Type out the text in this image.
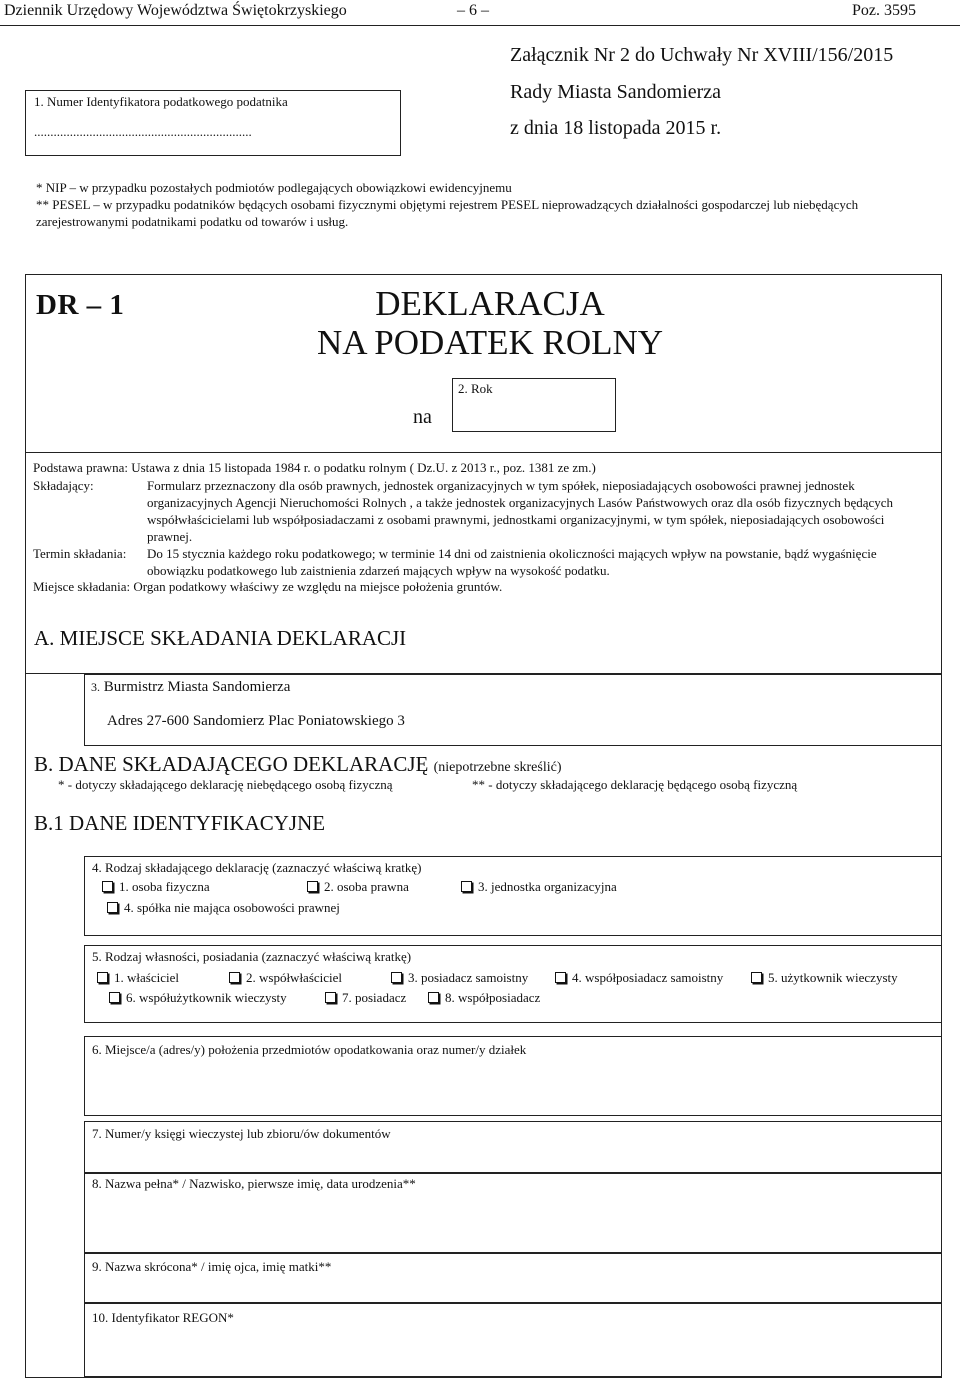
Dziennik Urzędowy Województwa Świętokrzyskiego	– 6 –	Poz. 3595
1. Numer Identyfikatora podatkowego podatnika
...................................................................
Załącznik Nr 2 do Uchwały Nr XVIII/156/2015
Rady Miasta Sandomierza
z dnia 18 listopada 2015 r.
* NIP – w przypadku pozostałych podmiotów podlegających obowiązkowi ewidencyjnemu
** PESEL – w przypadku podatników będących osobami fizycznymi objętymi rejestrem PESEL nieprowadzących działalności gospodarczej lub niebędących zarejestrowanymi podatnikami podatku od towarów i usług.
DR – 1	DEKLARACJA
NA PODATEK ROLNY
na
2. Rok
Podstawa prawna: Ustawa z dnia 15 listopada 1984 r. o podatku rolnym ( Dz.U. z 2013 r., poz. 1381 ze zm.)
Składający:	Formularz przeznaczony dla osób prawnych, jednostek organizacyjnych w tym spółek, nieposiadających osobowości prawnej jednostek organizacyjnych Agencji Nieruchomości Rolnych , a także jednostek organizacyjnych Lasów Państwowych oraz dla osób fizycznych będących współwłaścicielami lub współposiadaczami z osobami prawnymi, jednostkami organizacyjnymi, w tym spółek, nieposiadających osobowości prawnej.
Termin składania: Do 15 stycznia każdego roku podatkowego; w terminie 14 dni od zaistnienia okoliczności mających wpływ na powstanie, bądź wygaśnięcie obowiązku podatkowego lub zaistnienia zdarzeń mających wpływ na wysokość podatku.
Miejsce składania: Organ podatkowy właściwy ze względu na miejsce położenia gruntów.
A. MIEJSCE SKŁADANIA DEKLARACJI
3. Burmistrz Miasta Sandomierza
Adres 27-600 Sandomierz Plac Poniatowskiego 3
B. DANE SKŁADAJĄCEGO DEKLARACJĘ (niepotrzebne skreślić)
* - dotyczy składającego deklarację niebędącego osobą fizyczną	** - dotyczy składającego deklarację będącego osobą fizyczną
B.1 DANE IDENTYFIKACYJNE
4. Rodzaj składającego deklarację (zaznaczyć właściwą kratkę)
1. osoba fizyczna	2. osoba prawna	3. jednostka organizacyjna
4. spółka nie mająca osobowości prawnej
5. Rodzaj własności, posiadania (zaznaczyć właściwą kratkę)
1. właściciel	2. współwłaściciel	3. posiadacz samoistny	4. współposiadacz samoistny	5. użytkownik wieczysty
6. współużytkownik wieczysty	7. posiadacz	8. współposiadacz
6. Miejsce/a (adres/y) położenia przedmiotów opodatkowania oraz numer/y działek
7. Numer/y księgi wieczystej lub zbioru/ów dokumentów
8. Nazwa pełna* / Nazwisko, pierwsze imię, data urodzenia**
9. Nazwa skrócona* / imię ojca, imię matki**
10. Identyfikator REGON*
